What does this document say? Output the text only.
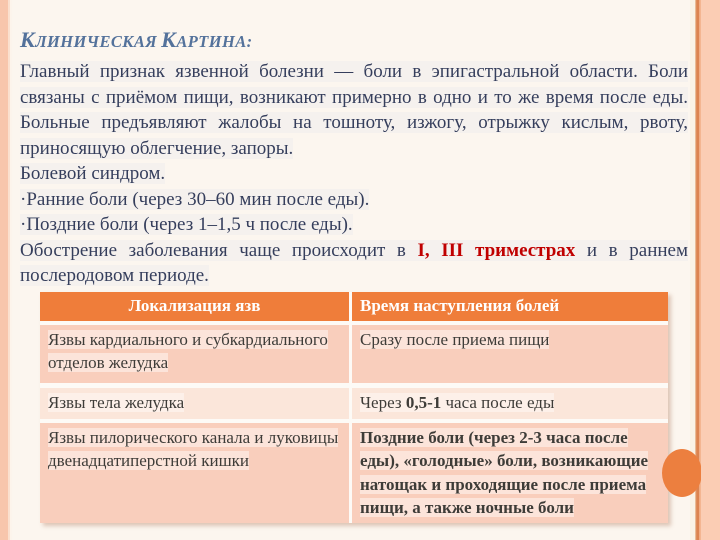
КЛИНИЧЕСКАЯ КАРТИНА:

Главный признак язвенной болезни — боли в эпигастральной области. Боли связаны с приёмом пищи, возникают примерно в одно и то же время после еды. Больные предъявляют жалобы на тошноту, изжогу, отрыжку кислым, рвоту, приносящую облегчение, запоры.

Болевой синдром.

·Ранние боли (через 30–60 мин после еды).

·Поздние боли (через 1–1,5 ч после еды).

Обострение заболевания чаще происходит в I, III триместрах и в раннем послеродовом периоде.

Локализация язв	Время наступления болей
Язвы кардиального и субкардиального отделов желудка	Сразу после приема пищи
Язвы тела желудка	Через 0,5-1 часа после еды
Язвы пилорического канала и луковицы двенадцатиперстной кишки	Поздние боли (через 2-3 часа после еды), «голодные» боли, возникающие натощак и проходящие после приема пищи, а также ночные боли
